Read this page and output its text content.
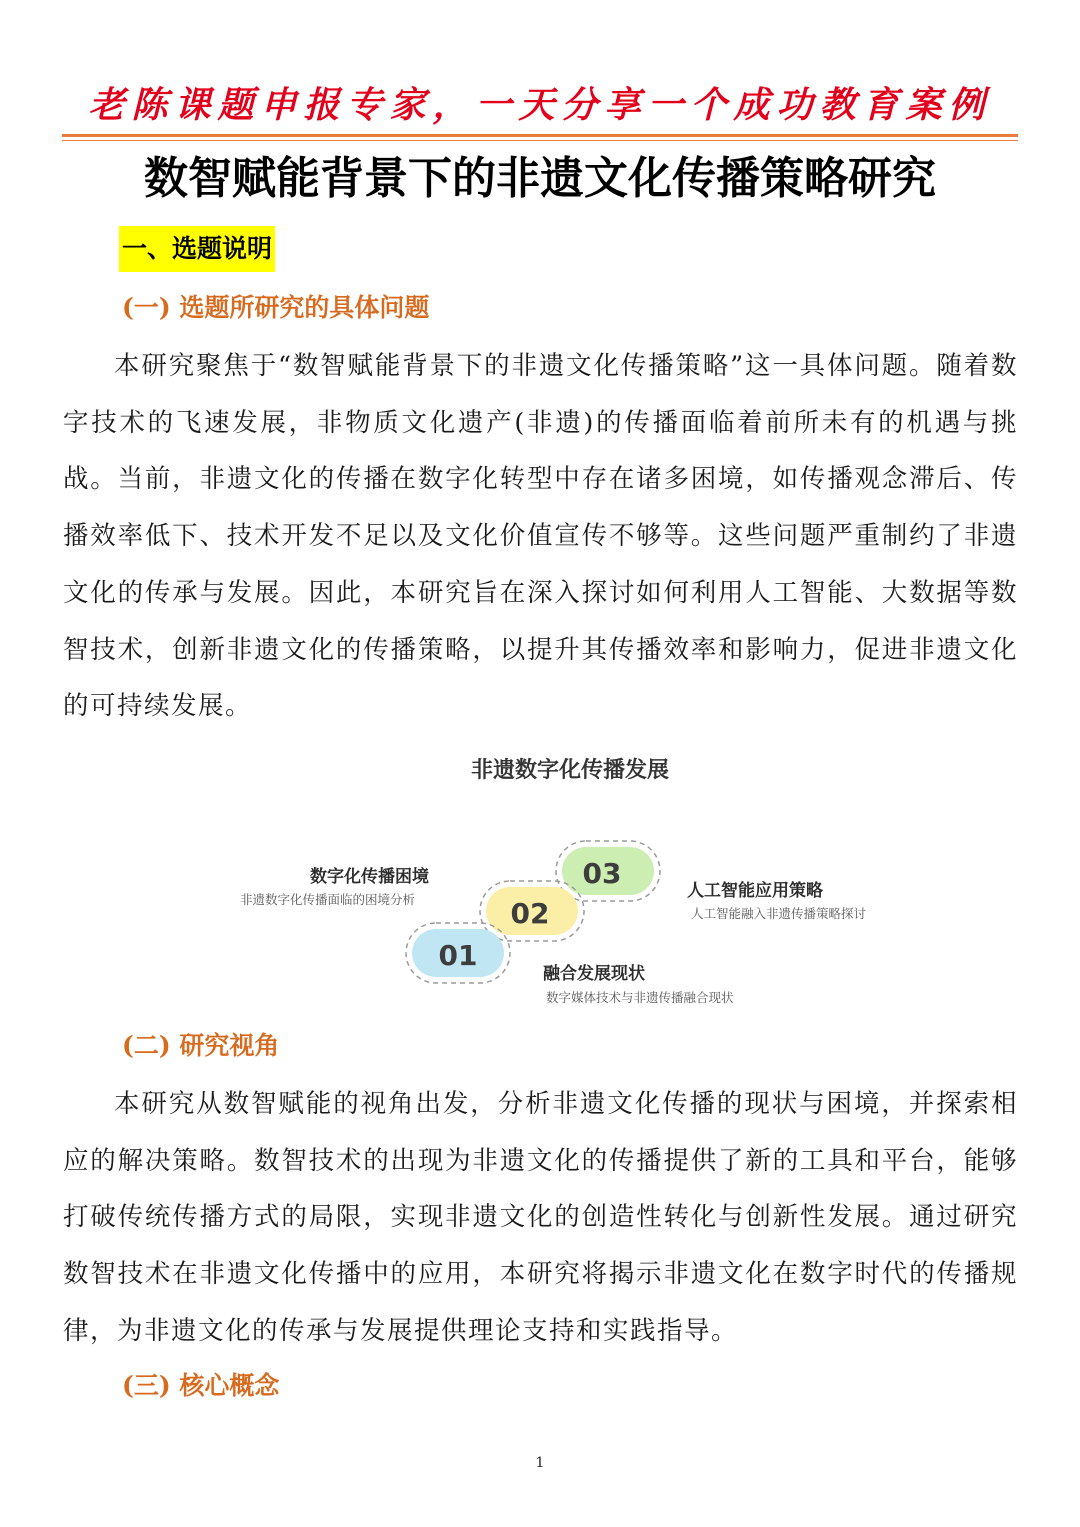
老陈课题申报专家，一天分享一个成功教育案例
数智赋能背景下的非遗文化传播策略研究
一、选题说明
(一) 选题所研究的具体问题

本研究聚焦于“数智赋能背景下的非遗文化传播策略”这一具体问题。随着数字技术的飞速发展，非物质文化遗产(非遗)的传播面临着前所未有的机遇与挑战。当前，非遗文化的传播在数字化转型中存在诸多困境，如传播观念滞后、传播效率低下、技术开发不足以及文化价值宣传不够等。这些问题严重制约了非遗文化的传承与发展。因此，本研究旨在深入探讨如何利用人工智能、大数据等数智技术，创新非遗文化的传播策略，以提升其传播效率和影响力，促进非遗文化的可持续发展。

非遗数字化传播发展
03
02
01
数字化传播困境
非遗数字化传播面临的困境分析	人工智能应用策略
人工智能融入非遗传播策略探讨
融合发展现状
数字媒体技术与非遗传播融合现状
(二) 研究视角

本研究从数智赋能的视角出发，分析非遗文化传播的现状与困境，并探索相应的解决策略。数智技术的出现为非遗文化的传播提供了新的工具和平台，能够打破传统传播方式的局限，实现非遗文化的创造性转化与创新性发展。通过研究数智技术在非遗文化传播中的应用，本研究将揭示非遗文化在数字时代的传播规律，为非遗文化的传承与发展提供理论支持和实践指导。

(三) 核心概念
1
